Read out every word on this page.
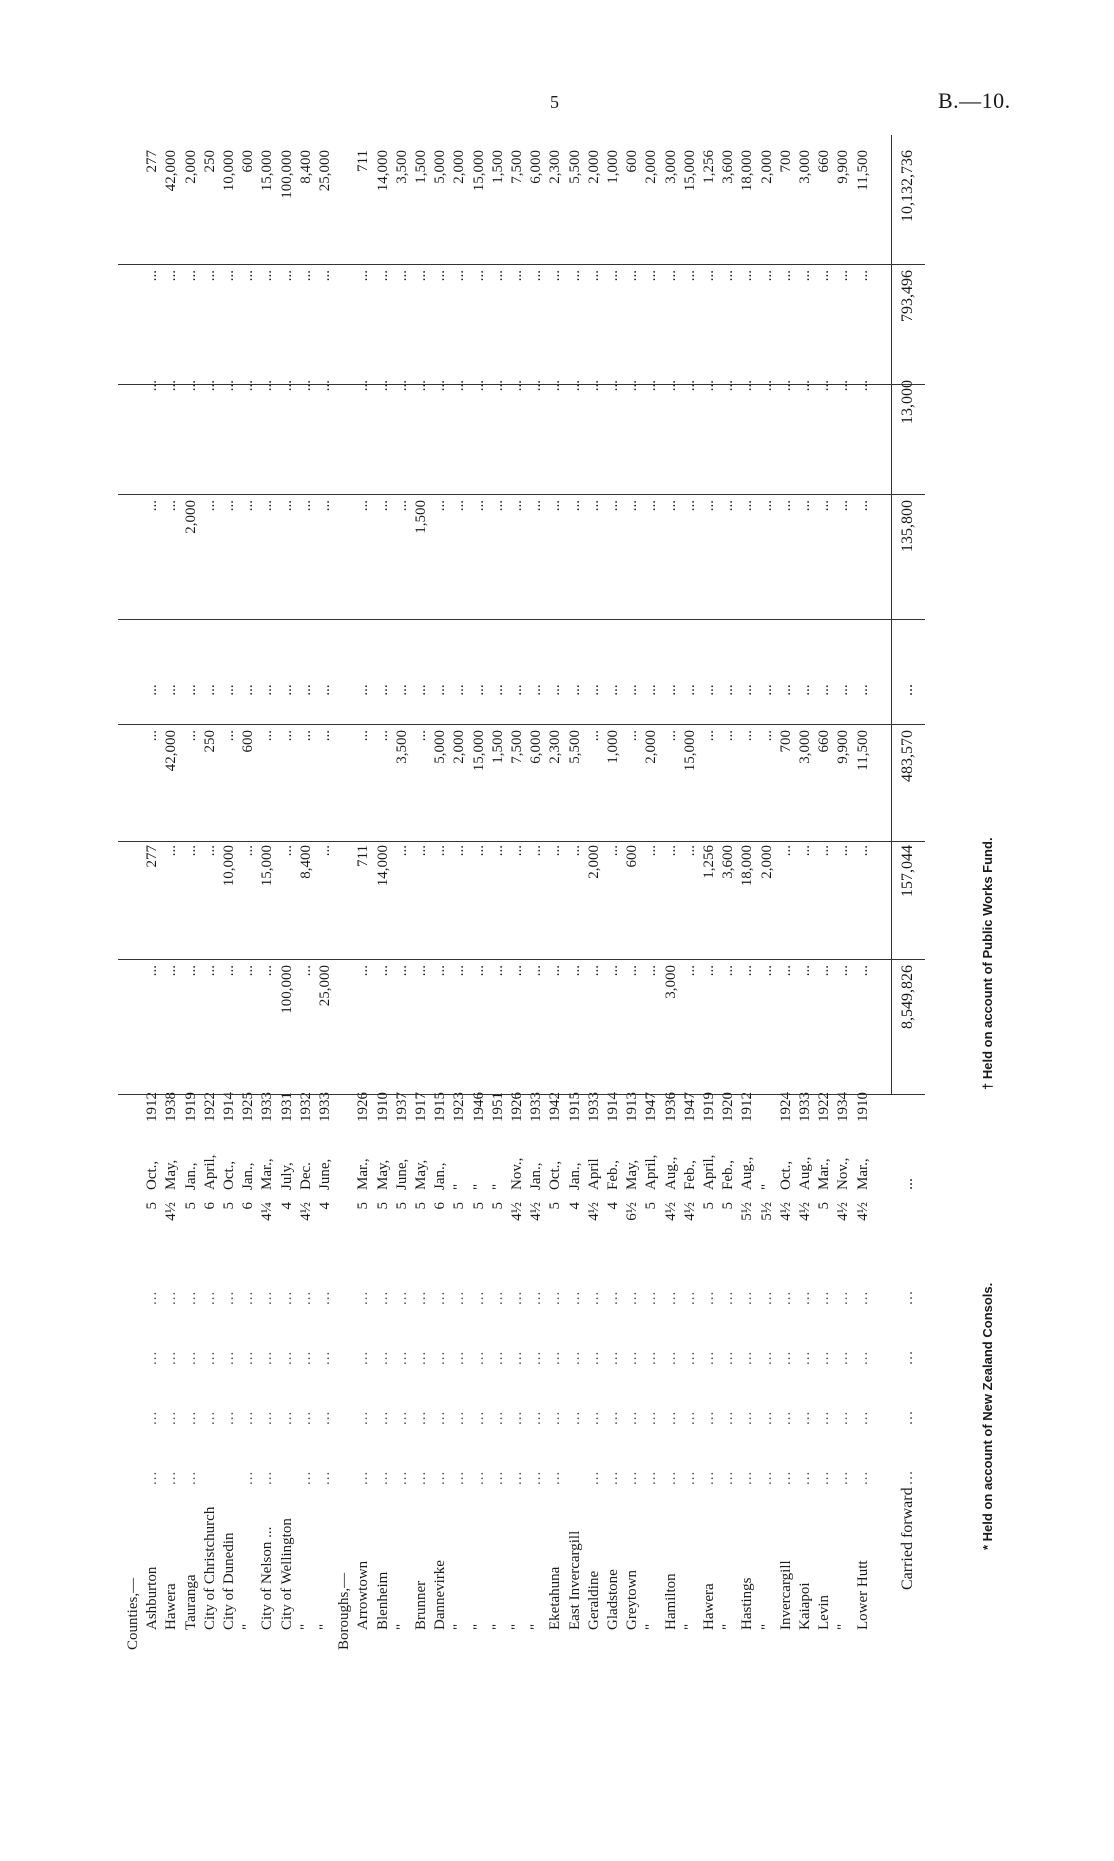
5	B.—10.
Counties,— Ashburton
...
...
...
...
5
Oct.,
1912
...
277
...
...
...
...
...
277
Hawera
...
...
...
...
4½
May,
1938
...
...
42,000
...
...
...
...
42,000
Tauranga
...
...
...
...
5
Jan.,
1919
...
...
...
...
2,000
...
...
2,000
City of Christchurch
...
...
...
6
April,
1922
...
...
250
...
...
...
...
250
City of Dunedin
...
...
...
5
Oct.,
1914
...
10,000
...
...
...
...
...
10,000
"
...
...
...
...
6
Jan.,
1925
...
...
600
...
...
...
...
600
City of Nelson ...
...
...
...
...
4¼
Mar.,
1933
...
15,000
...
...
...
...
...
15,000
City of Wellington
...
...
...
4
July,
1931
100,000
...
...
...
...
...
...
100,000
"
...
...
...
...
4½
Dec.
1932
...
8,400
...
...
...
...
...
8,400
"
...
...
...
...
4
June,
1933
25,000
...
...
...
...
...
...
25,000
Boroughs,— Arrowtown
...
...
...
...
5
Mar.,
1926
...
711
...
...
...
...
...
711
Blenheim
...
...
...
...
5
May,
1910
...
14,000
...
...
...
...
...
14,000
"
...
...
...
...
5
June,
1937
...
...
3,500
...
...
...
...
3,500
Brunner
...
...
...
...
5
May,
1917
...
...
...
...
1,500
...
...
1,500
Dannevirke
...
...
...
...
6
Jan.,
1915
...
...
5,000
...
...
...
...
5,000
"
...
...
...
...
5
"
1923
...
...
2,000
...
...
...
...
2,000
"
...
...
...
...
5
"
1946
...
...
15,000
...
...
...
...
15,000
"
...
...
...
...
5
"
1951
...
...
1,500
...
...
...
...
1,500
"
...
...
...
...
4½
Nov.,
1926
...
...
7,500
...
...
...
...
7,500
"
...
...
...
...
4½
Jan.,
1933
...
...
6,000
...
...
...
...
6,000
Eketahuna
...
...
...
...
5
Oct.,
1942
...
...
2,300
...
...
...
...
2,300
East Invercargill
...
...
...
4
Jan.,
1915
...
...
5,500
...
...
...
...
5,500
Geraldine
...
...
...
...
4½
April
1933
...
2,000
...
...
...
...
...
2,000
Gladstone
...
...
...
...
4
Feb.,
1914
...
...
1,000
...
...
...
...
1,000
Greytown
...
...
...
...
6½
May,
1913
...
600
...
...
...
...
...
600
"
...
...
...
...
5
April,
1947
...
...
2,000
...
...
...
...
2,000
Hamilton
...
...
...
...
4½
Aug.,
1936
3,000
...
...
...
...
...
...
3,000
"
...
...
...
...
4½
Feb.,
1947
...
...
15,000
...
...
...
...
15,000
Hawera
...
...
...
...
5
April,
1919
...
1,256
...
...
...
...
...
1,256
"
...
...
...
...
5
Feb.,
1920
...
3,600
...
...
...
...
...
3,600
Hastings
...
...
...
...
5½
Aug.,
1912
...
18,000
...
...
...
...
...
18,000
"
...
...
...
...
5½
"
...
2,000
...
...
...
...
...
2,000
Invercargill
...
...
...
...
4½
Oct.,
1924
...
...
700
...
...
...
...
700
Kaiapoi
...
...
...
...
4½
Aug.,
1933
...
...
3,000
...
...
...
...
3,000
Levin
...
...
...
...
5
Mar.,
1922
...
...
660
...
...
...
...
660
"
...
...
...
...
4½
Nov.,
1934
...
...
9,900
...
...
...
...
9,900
Lower Hutt
...
...
...
...
4½
Mar.,
1910
...
...
11,500
...
...
...
...
11,500
Carried forward
...
...
...
...
...
8,549,826
157,044
483,570
...
135,800
13,000
793,496
10,132,736
* Held on account of New Zealand Consols.
† Held on account of Public Works Fund.
